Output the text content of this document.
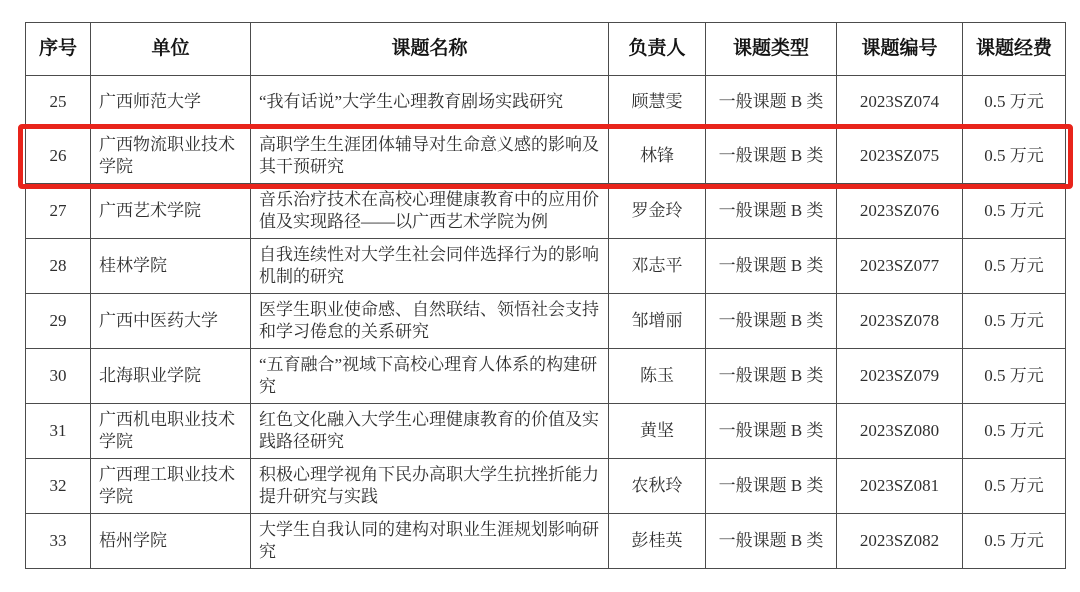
序号	单位	课题名称	负责人	课题类型	课题编号	课题经费
25	广西师范大学	“我有话说”大学生心理教育剧场实践研究	顾慧雯	一般课题 B 类	2023SZ074	0.5 万元
26	广西物流职业技术学院	高职学生生涯团体辅导对生命意义感的影响及其干预研究	林锋	一般课题 B 类	2023SZ075	0.5 万元
27	广西艺术学院	音乐治疗技术在高校心理健康教育中的应用价值及实现路径——以广西艺术学院为例	罗金玲	一般课题 B 类	2023SZ076	0.5 万元
28	桂林学院	自我连续性对大学生社会同伴选择行为的影响机制的研究	邓志平	一般课题 B 类	2023SZ077	0.5 万元
29	广西中医药大学	医学生职业使命感、自然联结、领悟社会支持和学习倦怠的关系研究	邹增丽	一般课题 B 类	2023SZ078	0.5 万元
30	北海职业学院	“五育融合”视域下高校心理育人体系的构建研究	陈玉	一般课题 B 类	2023SZ079	0.5 万元
31	广西机电职业技术学院	红色文化融入大学生心理健康教育的价值及实践路径研究	黄坚	一般课题 B 类	2023SZ080	0.5 万元
32	广西理工职业技术学院	积极心理学视角下民办高职大学生抗挫折能力提升研究与实践	农秋玲	一般课题 B 类	2023SZ081	0.5 万元
33	梧州学院	大学生自我认同的建构对职业生涯规划影响研究	彭桂英	一般课题 B 类	2023SZ082	0.5 万元
